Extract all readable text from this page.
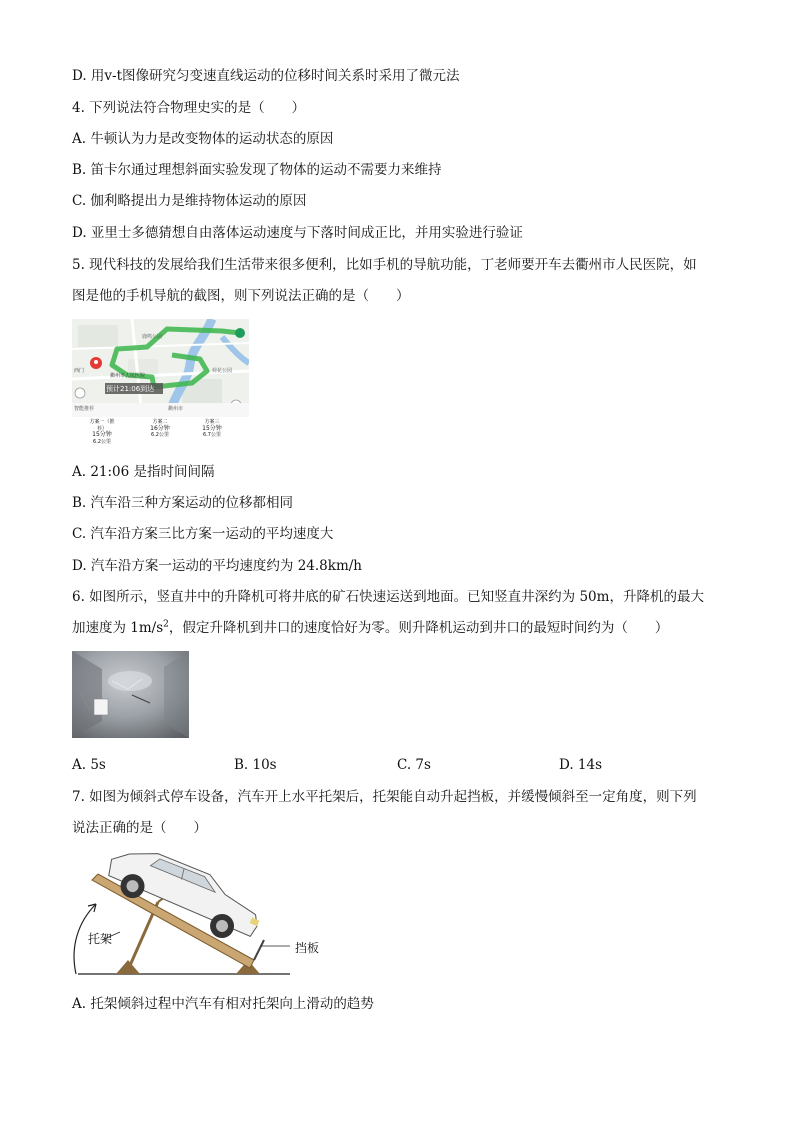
D. 用v-t图像研究匀变速直线运动的位移时间关系时采用了微元法
4. 下列说法符合物理史实的是（　　）
A. 牛顿认为力是改变物体的运动状态的原因
B. 笛卡尔通过理想斜面实验发现了物体的运动不需要力来维持
C. 伽利略提出力是维持物体运动的原因
D. 亚里士多德猜想自由落体运动速度与下落时间成正比，并用实验进行验证
5. 现代科技的发展给我们生活带来很多便利，比如手机的导航功能，丁老师要开车去衢州市人民医院，如
图是他的手机导航的截图，则下列说法正确的是（　　）
鹿鸣公园
西门
衢州市人民医院
荷花公园
预计21:06到达
智能推荐	衢州市
方案一（推荐）
15分钟
6.2公里
方案二
16分钟
6.2公里
方案三
15分钟
6.7公里
A. 21:06 是指时间间隔
B. 汽车沿三种方案运动的位移都相同
C. 汽车沿方案三比方案一运动的平均速度大
D. 汽车沿方案一运动的平均速度约为 24.8km/h
6. 如图所示，竖直井中的升降机可将井底的矿石快速运送到地面。已知竖直井深约为 50m，升降机的最大
加速度为 $1m/s^2$，假定升降机到井口的速度恰好为零。则升降机运动到井口的最短时间约为（　　）
A. 5s	B. 10s	C. 7s	D. 14s
7. 如图为倾斜式停车设备，汽车开上水平托架后，托架能自动升起挡板，并缓慢倾斜至一定角度，则下列
说法正确的是（　　）
托架
挡板
A. 托架倾斜过程中汽车有相对托架向上滑动的趋势
